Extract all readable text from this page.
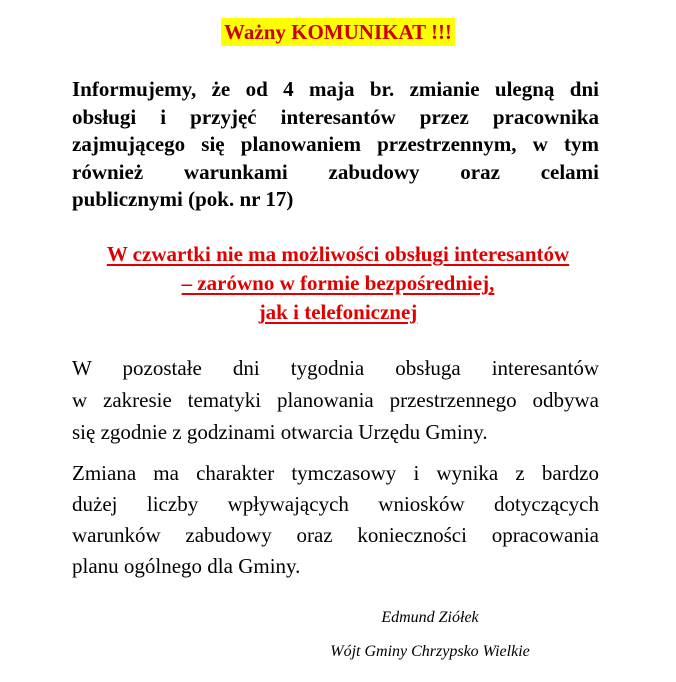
Ważny KOMUNIKAT !!!
Informujemy, że od 4 maja br. zmianie ulegną dni
obsługi i przyjęć interesantów przez pracownika
zajmującego się planowaniem przestrzennym, w tym
również warunkami zabudowy oraz celami
publicznymi (pok. nr 17)
W czwartki nie ma możliwości obsługi interesantów
– zarówno w formie bezpośredniej,
jak i telefonicznej
W pozostałe dni tygodnia obsługa interesantów
w zakresie tematyki planowania przestrzennego odbywa
się zgodnie z godzinami otwarcia Urzędu Gminy.
Zmiana ma charakter tymczasowy i wynika z bardzo
dużej liczby wpływających wniosków dotyczących
warunków zabudowy oraz konieczności opracowania
planu ogólnego dla Gminy.
Edmund Ziółek
Wójt Gminy Chrzypsko Wielkie
